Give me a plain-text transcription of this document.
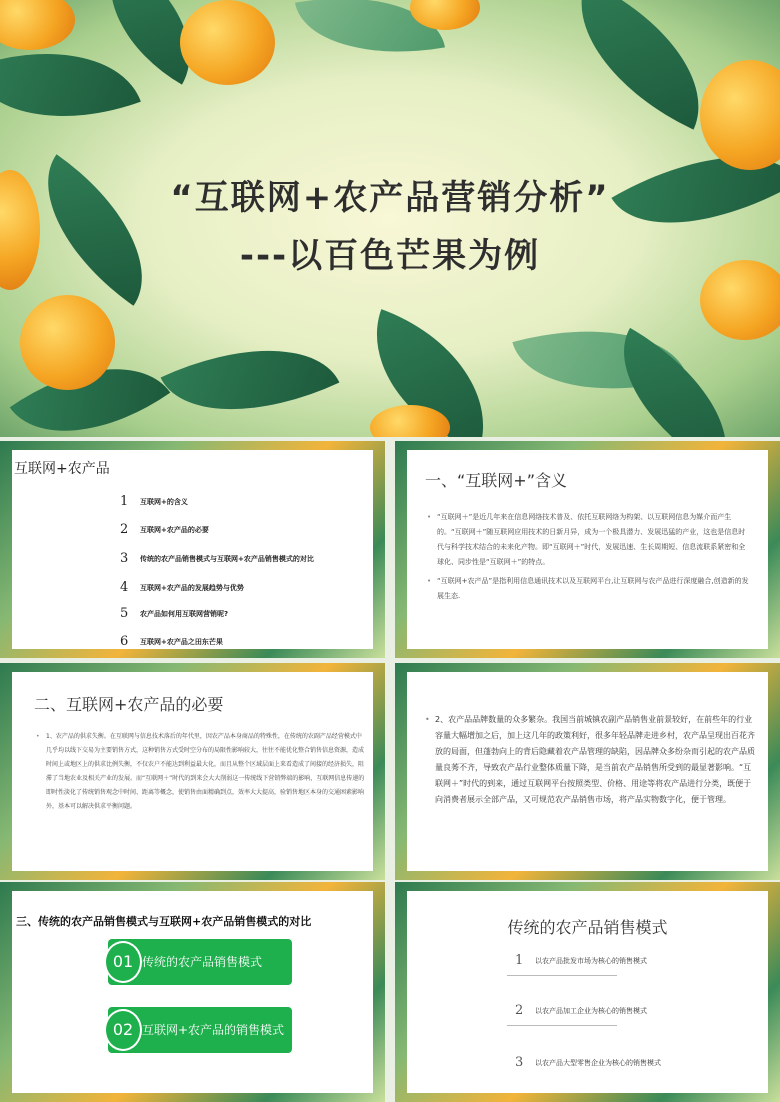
“互联网+农产品营销分析”
---以百色芒果为例
互联网+农产品
1	互联网+的含义
2	互联网+农产品的必要
3	传统的农产品销售模式与互联网+农产品销售模式的对比
4	互联网+农产品的发展趋势与优势
5	农产品如何用互联网营销呢?
6	互联网+农产品之田东芒果
一、“互联网+”含义
• “互联网＋”是近几年来在信息网络技术普及、依托互联网络为构架、以互联网信息为媒介而产生的。“互联网＋”随互联网应用技术的日新月异，成为一个极具潜力、发展迅猛的产业，这也是信息时代与科学技术结合的未来化产物。即“互联网＋”时代，发展迅速、生长周期短、信息流联系紧密和全球化、同步性是“互联网＋”的特点。
• “互联网+农产品”是指利用信息通讯技术以及互联网平台,让互联网与农产品进行深度融合,创造新的发展生态.
二、互联网+农产品的必要
•	1、农产品的供求失衡。在互联网与信息技术落后的年代里，因农产品本身商品的特殊性，在传统的农副产品经营模式中几乎均以线下交易为主要销售方式，这种销售方式受时空分布的局限性影响较大，往往不能优化整合销售信息资源，造成时间上或地区上的供求比例失衡，不仅农户不能达到利益最大化，而且从整个区域层面上来看造成了间接的经济损失，阻滞了当地农业及相关产业的发展。而“互联网＋”时代的到来会大大削弱这一传统线下营销弊端的影响，互联网信息传递的即时性淡化了传统销售观念中时间、距离等概念，使销售由面精确到点，效率大大提高，验销售地区本身的交通困素影响外，基本可以解决供求平衡问题。
• 2、农产品品牌数量的众多繁杂。我国当前城镇农副产品销售业前景较好，在前些年的行业容量大幅增加之后，加上这几年的政策利好，很多年轻品牌走进乡村，农产品呈现出百花齐放的局面，但蓬勃向上的背后隐藏着农产品管理的缺陷，因品牌众多纷杂而引起的农产品质量良莠不齐，导致农产品行业整体质量下降，是当前农产品销售所受到的最显著影响。“互联网＋”时代的到来，通过互联网平台按照类型、价格、用途等将农产品进行分类，既便于向消费者展示全部产品，又可规范农产品销售市场，将产品实物数字化，便于管理。
三、传统的农产品销售模式与互联网+农产品销售模式的对比
01 传统的农产品销售模式
02 互联网+农产品的销售模式
传统的农产品销售模式
1	以农产品批发市场为核心的销售模式
2	以农产品加工企业为核心的销售模式
3	以农产品大型零售企业为核心的销售模式
